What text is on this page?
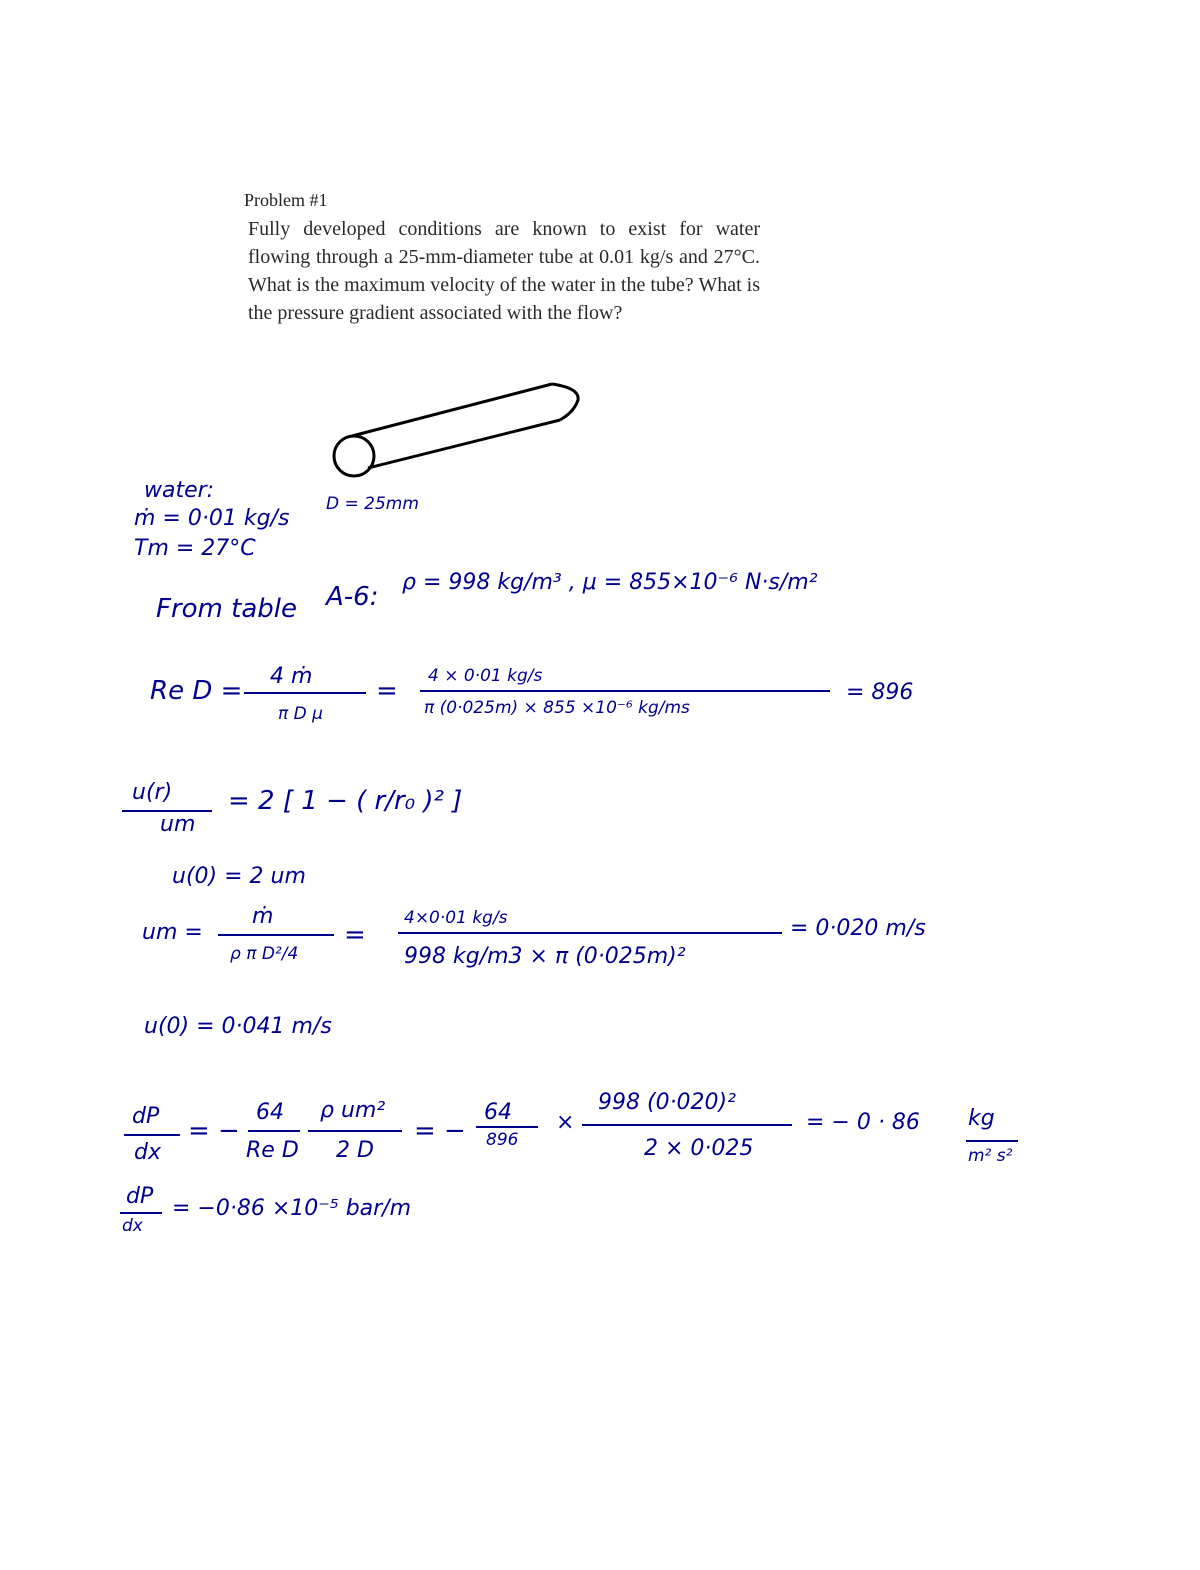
Problem #1
Fully developed conditions are known to exist for water flowing through a 25-mm-diameter tube at 0.01 kg/s and 27°C. What is the maximum velocity of the water in the tube? What is the pressure gradient associated with the flow?
water:
ṁ = 0·01 kg/s
Tm = 27°C
D = 25mm
From table A-6: ρ = 998 kg/m³ , μ = 855×10⁻⁶ N·s/m²
Re D = 4 ṁ
π D μ
= 4 × 0·01 kg/s
π (0·025m) × 855 ×10⁻⁶ kg/ms
= 896
u(r)
um
= 2 [ 1 − ( r/r₀ )² ]
u(0) = 2 um
um =
ṁ
ρ π D²/4
=
4×0·01 kg/s
998 kg/m3 × π (0·025m)²
= 0·020 m/s
u(0) = 0·041 m/s
dP
dx
= −
64
Re D
ρ um²
2 D
= −
64
896
×
998 (0·020)²
2 × 0·025
= − 0 · 86 kg
m² s²
dP
dx
= −0·86 ×10⁻⁵ bar/m
